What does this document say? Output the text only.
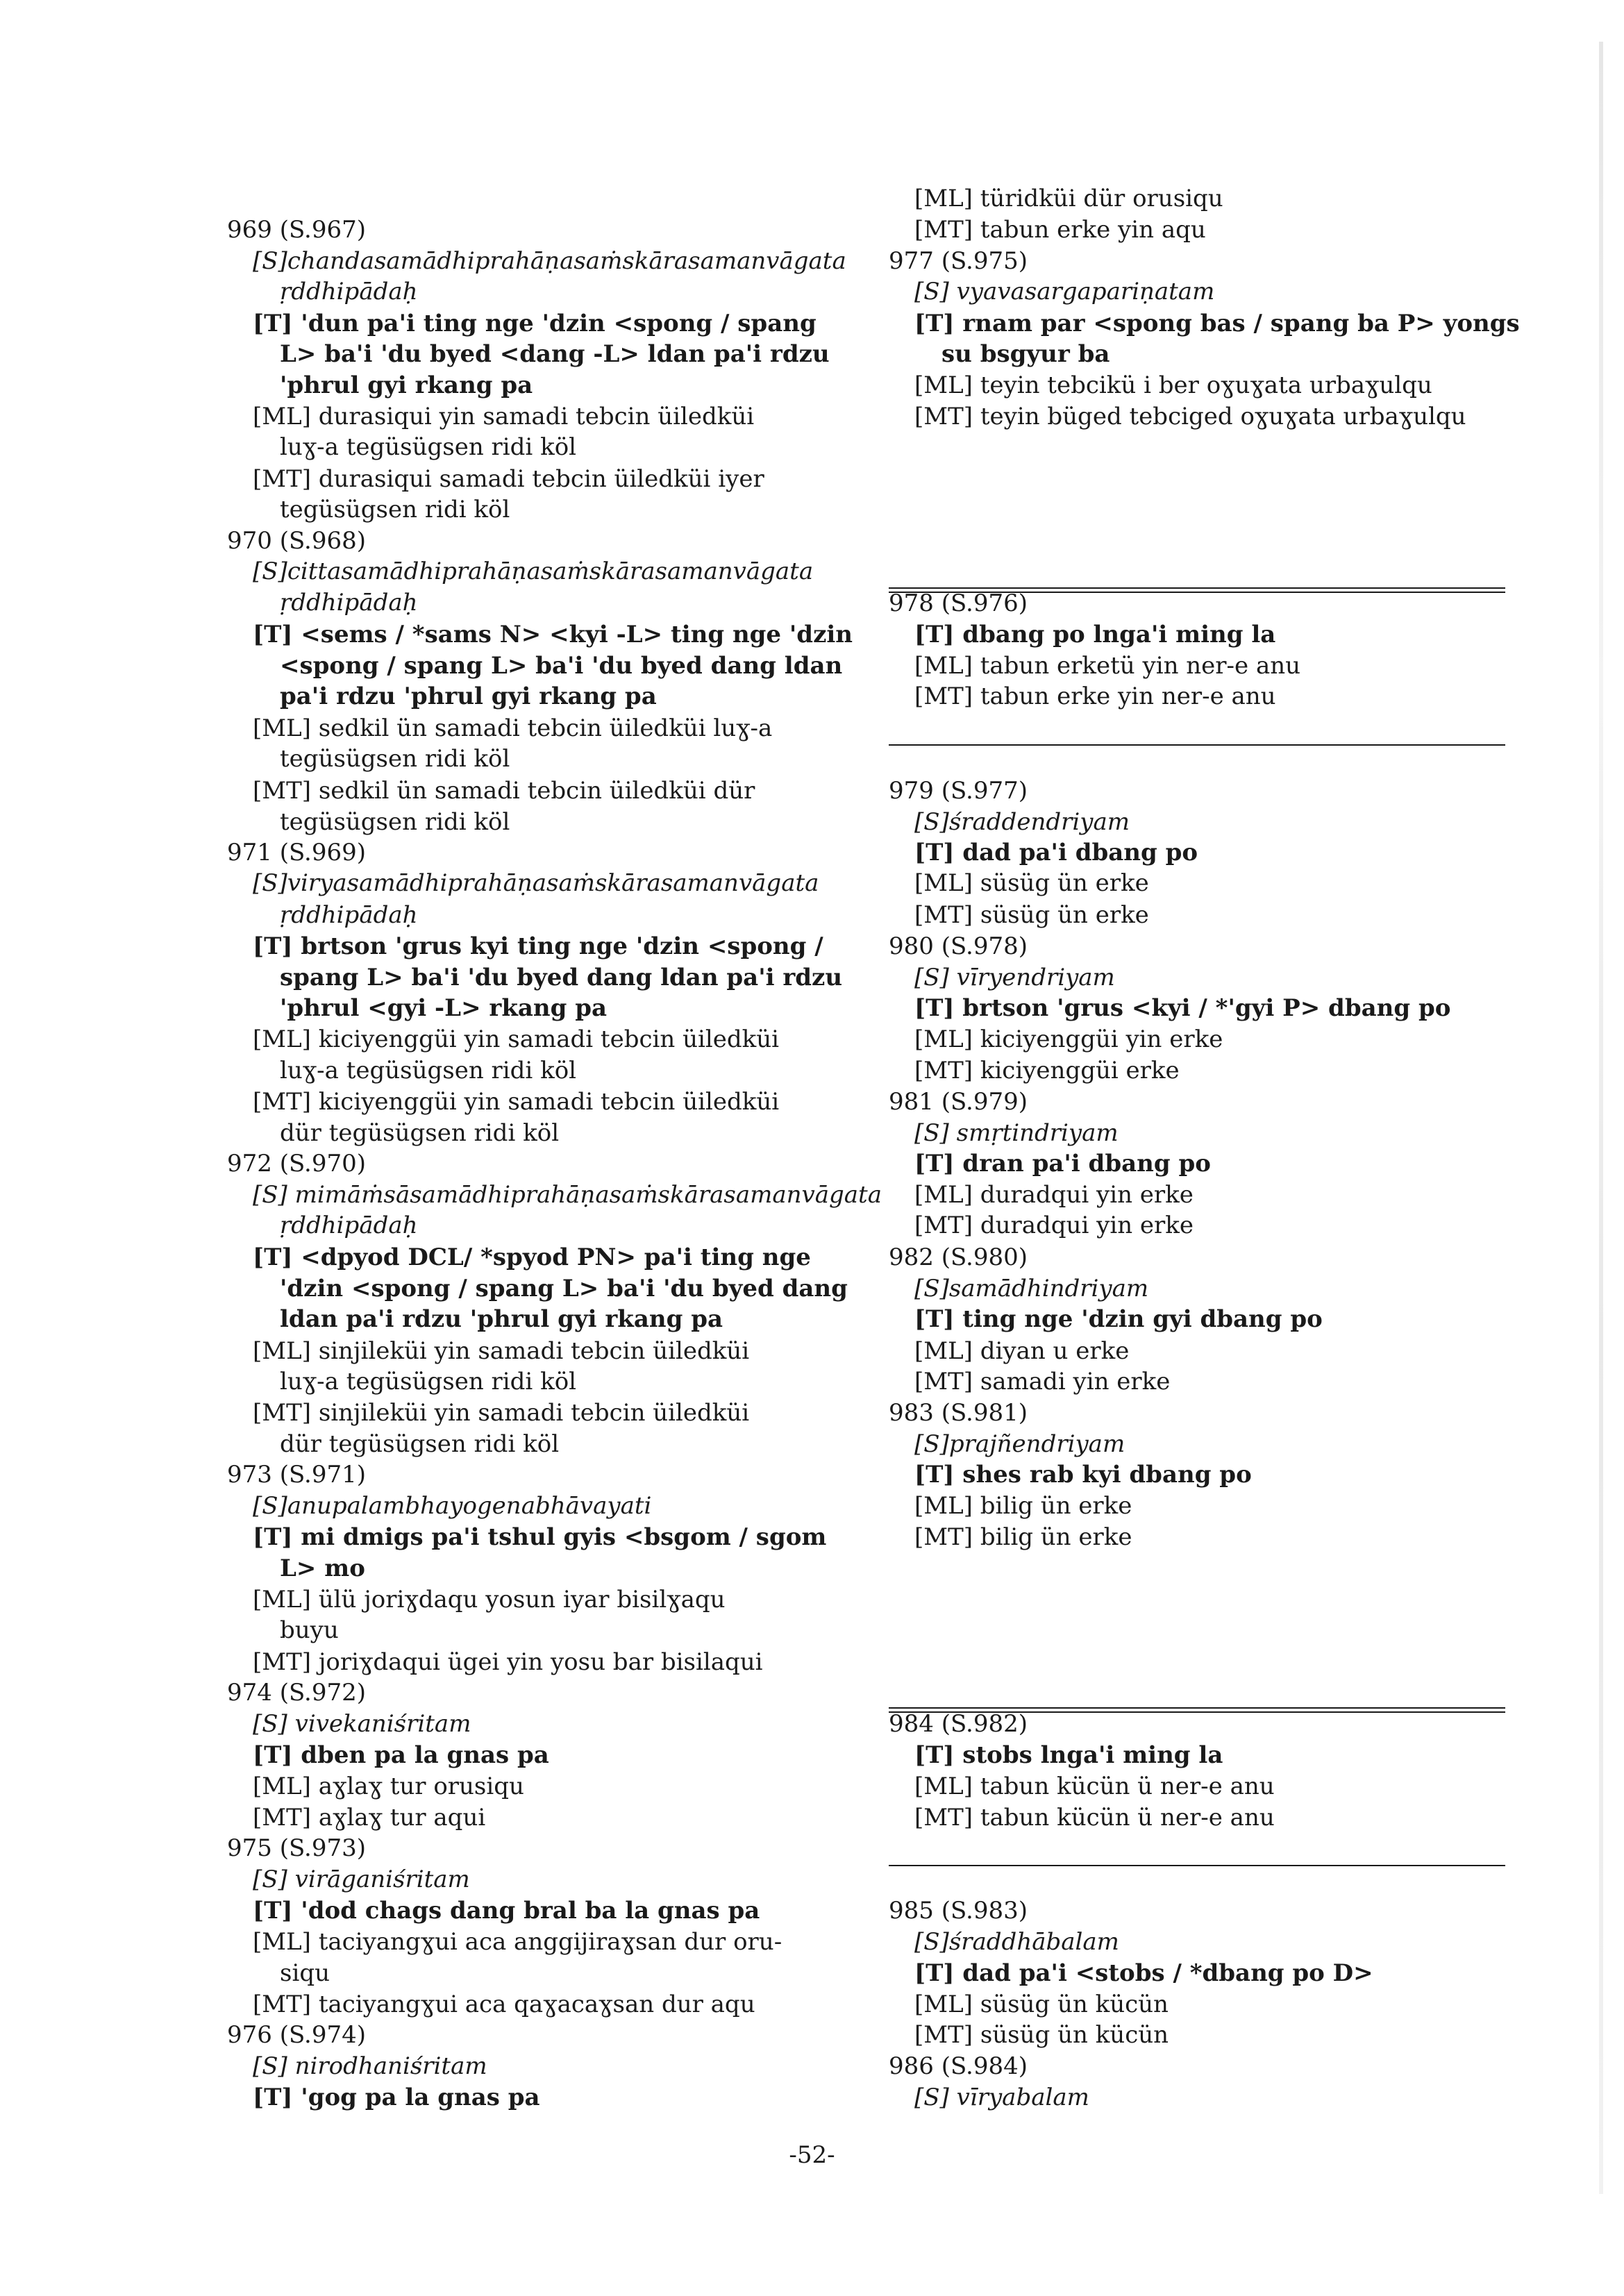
969 (S.967)
[S]chandasamādhiprahāṇasaṁskārasamanvāgata
ṛddhipādaḥ
[T] 'dun pa'i ting nge 'dzin <spong / spang
L> ba'i 'du byed <dang -L> ldan pa'i rdzu
'phrul gyi rkang pa
[ML] durasiqui yin samadi tebcin üiledküi
luɣ-a tegüsügsen ridi köl
[MT] durasiqui samadi tebcin üiledküi iyer
tegüsügsen ridi köl
970 (S.968)
[S]cittasamādhiprahāṇasaṁskārasamanvāgata
ṛddhipādaḥ
[T] <sems / *sams N> <kyi -L> ting nge 'dzin
<spong / spang L> ba'i 'du byed dang ldan
pa'i rdzu 'phrul gyi rkang pa
[ML] sedkil ün samadi tebcin üiledküi luɣ-a
tegüsügsen ridi köl
[MT] sedkil ün samadi tebcin üiledküi dür
tegüsügsen ridi köl
971 (S.969)
[S]viryasamādhiprahāṇasaṁskārasamanvāgata
ṛddhipādaḥ
[T] brtson 'grus kyi ting nge 'dzin <spong /
spang L> ba'i 'du byed dang ldan pa'i rdzu
'phrul <gyi -L> rkang pa
[ML] kiciyenggüi yin samadi tebcin üiledküi
luɣ-a tegüsügsen ridi köl
[MT] kiciyenggüi yin samadi tebcin üiledküi
dür tegüsügsen ridi köl
972 (S.970)
[S] mimāṁsāsamādhiprahāṇasaṁskārasamanvāgata
ṛddhipādaḥ
[T] <dpyod DCL/ *spyod PN> pa'i ting nge
'dzin <spong / spang L> ba'i 'du byed dang
ldan pa'i rdzu 'phrul gyi rkang pa
[ML] sinjileküi yin samadi tebcin üiledküi
luɣ-a tegüsügsen ridi köl
[MT] sinjileküi yin samadi tebcin üiledküi
dür tegüsügsen ridi köl
973 (S.971)
[S]anupalambhayogenabhāvayati
[T] mi dmigs pa'i tshul gyis <bsgom / sgom
L> mo
[ML] ülü joriɣdaqu yosun iyar bisilɣaqu
buyu
[MT] joriɣdaqui ügei yin yosu bar bisilaqui
974 (S.972)
[S] vivekaniśritam
[T] dben pa la gnas pa
[ML] aɣlaɣ tur orusiqu
[MT] aɣlaɣ tur aqui
975 (S.973)
[S] virāganiśritam
[T] 'dod chags dang bral ba la gnas pa
[ML] taciyangɣui aca anggijiraɣsan dur oru-
siqu
[MT] taciyangɣui aca qaɣacaɣsan dur aqu
976 (S.974)
[S] nirodhaniśritam
[T] 'gog pa la gnas pa
[ML] türidküi dür orusiqu
[MT] tabun erke yin aqu
977 (S.975)
[S] vyavasargapariṇatam
[T] rnam par <spong bas / spang ba P> yongs
su bsgyur ba
[ML] teyin tebcikü i ber oɣuɣata urbaɣulqu
[MT] teyin büged tebciged oɣuɣata urbaɣulqu
978 (S.976)
[T] dbang po lnga'i ming la
[ML] tabun erketü yin ner-e anu
[MT] tabun erke yin ner-e anu
979 (S.977)
[S]śraddendriyam
[T] dad pa'i dbang po
[ML] süsüg ün erke
[MT] süsüg ün erke
980 (S.978)
[S] vīryendriyam
[T] brtson 'grus <kyi / *'gyi P> dbang po
[ML] kiciyenggüi yin erke
[MT] kiciyenggüi erke
981 (S.979)
[S] smṛtindriyam
[T] dran pa'i dbang po
[ML] duradqui yin erke
[MT] duradqui yin erke
982 (S.980)
[S]samādhindriyam
[T] ting nge 'dzin gyi dbang po
[ML] diyan u erke
[MT] samadi yin erke
983 (S.981)
[S]prajñendriyam
[T] shes rab kyi dbang po
[ML] bilig ün erke
[MT] bilig ün erke
984 (S.982)
[T] stobs lnga'i ming la
[ML] tabun kücün ü ner-e anu
[MT] tabun kücün ü ner-e anu
985 (S.983)
[S]śraddhābalam
[T] dad pa'i <stobs / *dbang po D>
[ML] süsüg ün kücün
[MT] süsüg ün kücün
986 (S.984)
[S] vīryabalam
-52-
